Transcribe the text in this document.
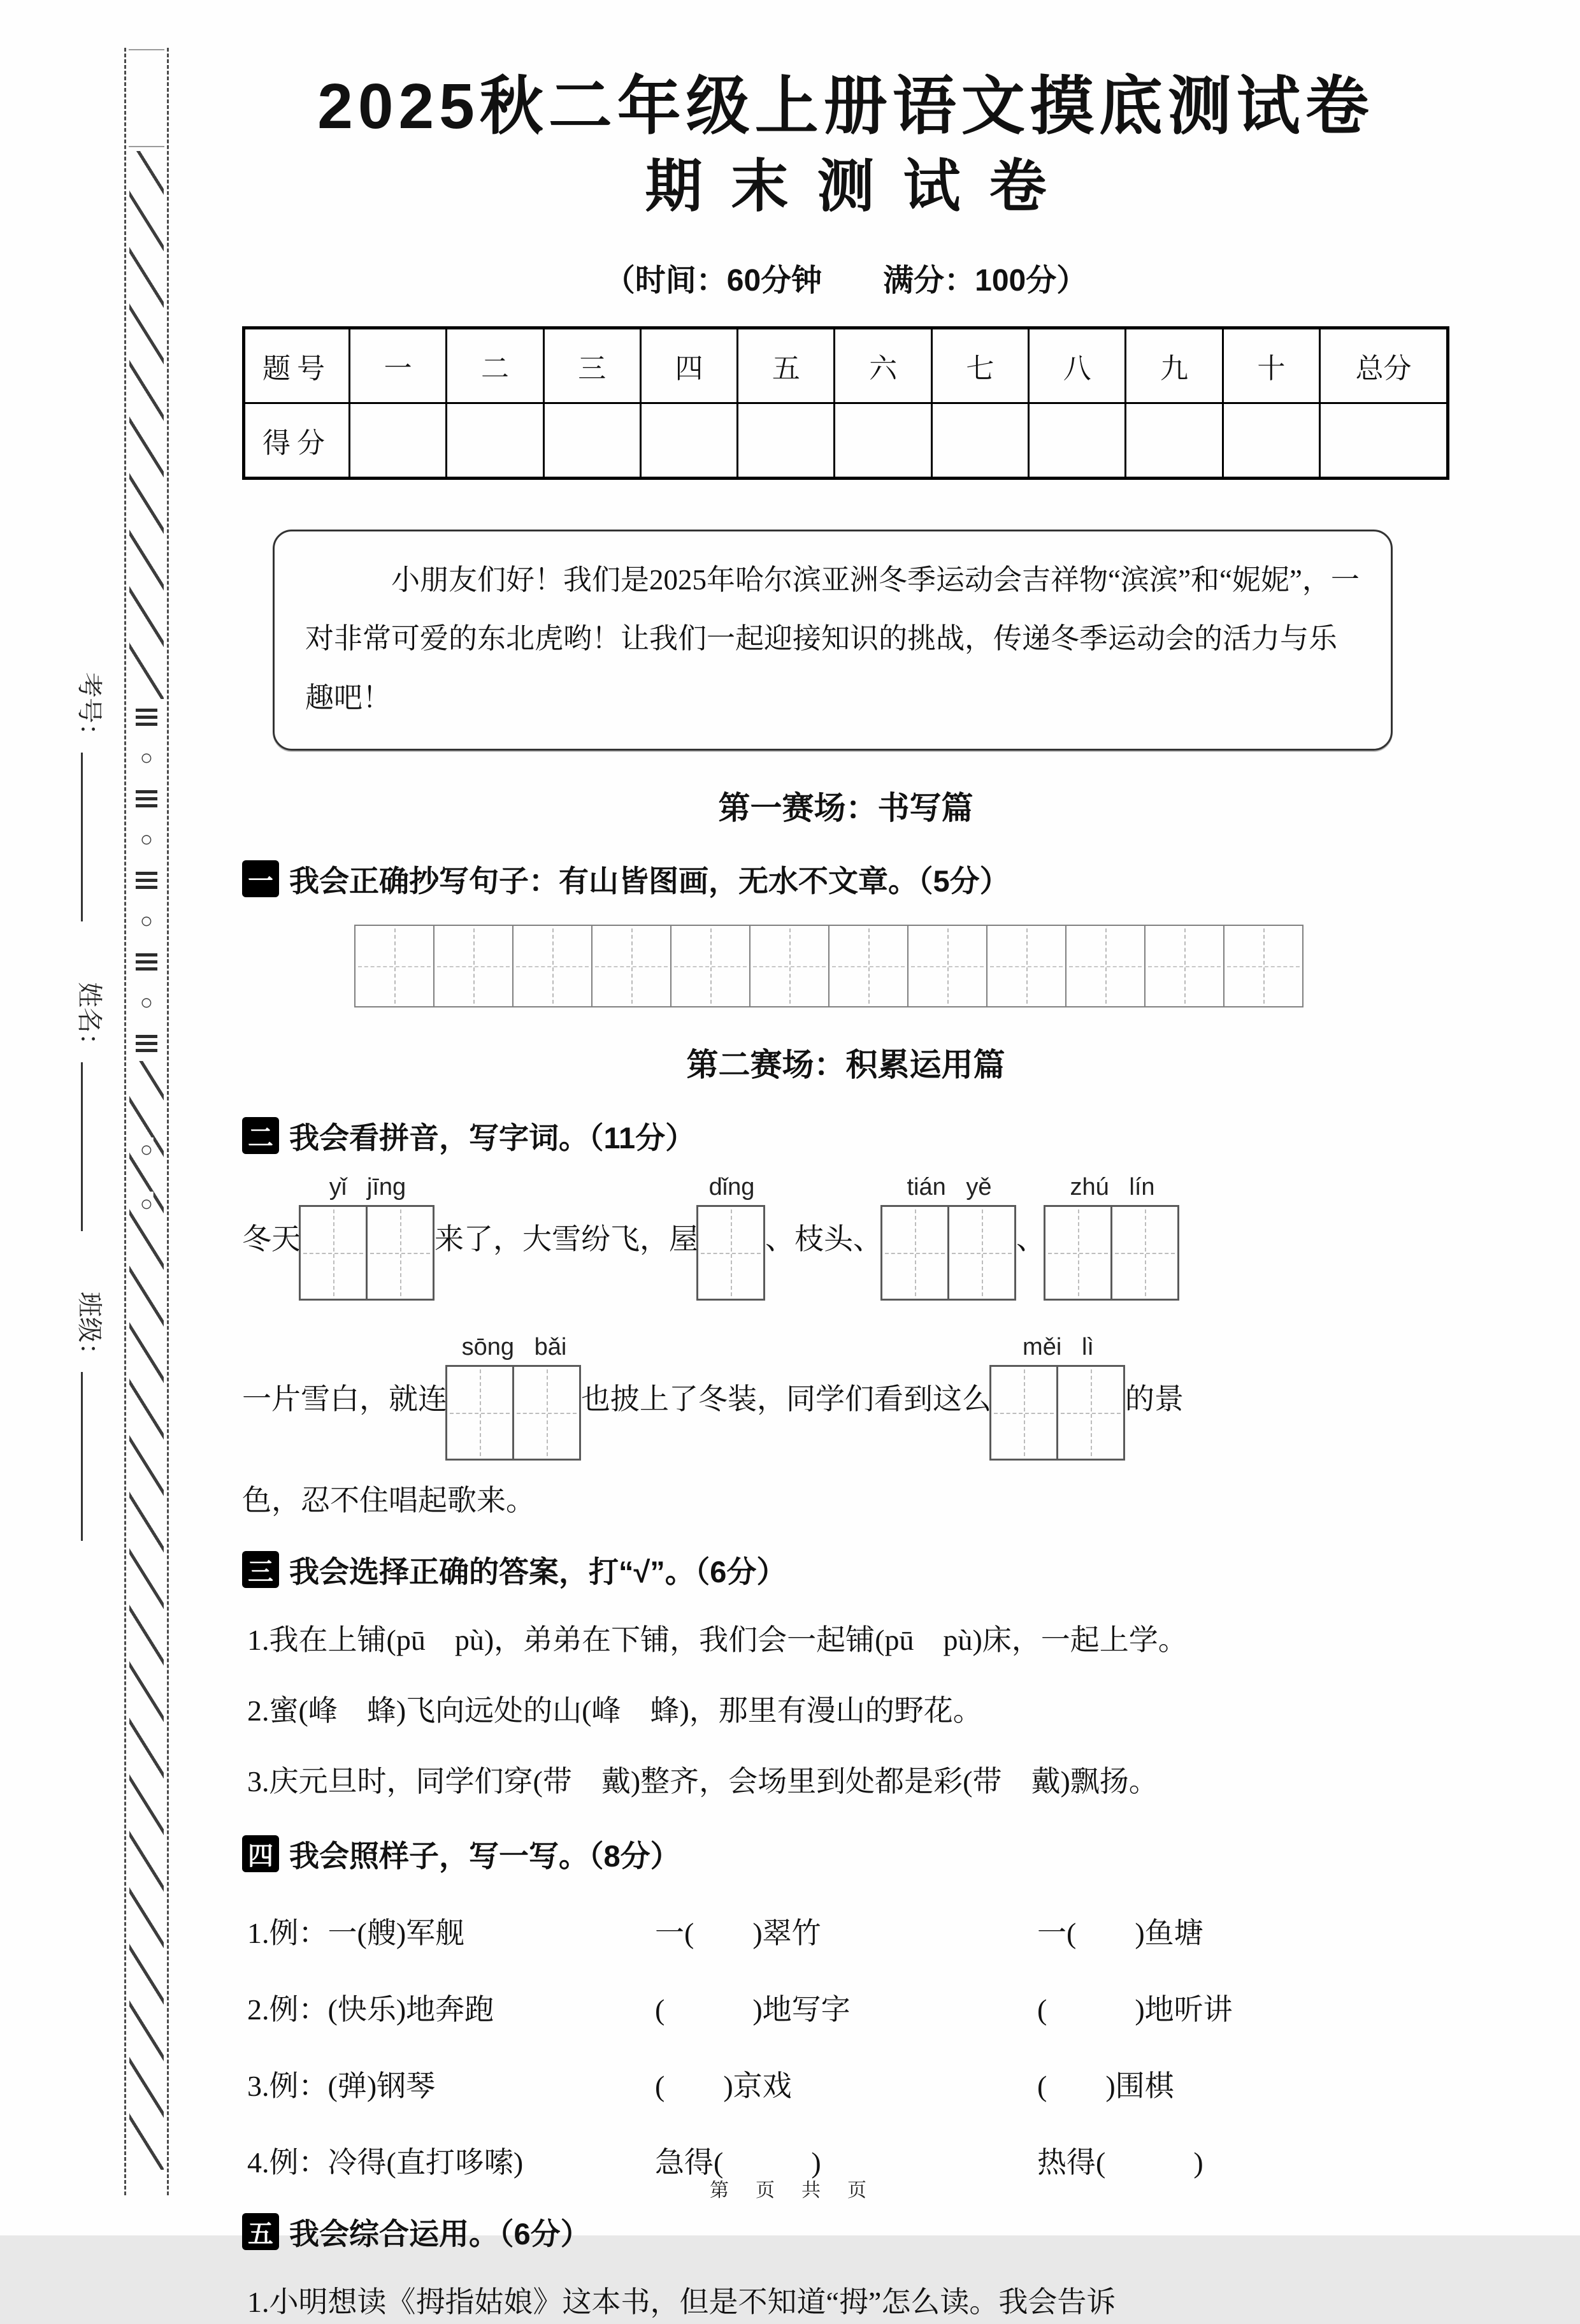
○
○
○
○
○
○
考号：姓名：班级：
2025秋二年级上册语文摸底测试卷
期末测试卷
（时间：60分钟　　满分：100分）
题号	一	二	三	四	五	六	七	八	九	十	总分
得分											
小朋友们好！我们是2025年哈尔滨亚洲冬季运动会吉祥物“滨滨”和“妮妮”，一对非常可爱的东北虎哟！让我们一起迎接知识的挑战，传递冬季运动会的活力与乐趣吧！
第一赛场：书写篇
一 我会正确抄写句子：有山皆图画，无水不文章。（5分）
第二赛场：积累运用篇
二 我会看拼音，写字词。（11分）
冬天
yǐ   jīng
来了，大雪纷飞，屋
dǐng
、枝头、
tián   yě
、
zhú   lín
一片雪白，就连
sōng   bǎi
也披上了冬装，同学们看到这么
měi   lì
的景
色，忍不住唱起歌来。
三 我会选择正确的答案，打“√”。（6分）
1.我在上铺(pū　pù)，弟弟在下铺，我们会一起铺(pū　pù)床，一起上学。
2.蜜(峰　蜂)飞向远处的山(峰　蜂)，那里有漫山的野花。
3.庆元旦时，同学们穿(带　戴)整齐，会场里到处都是彩(带　戴)飘扬。
四 我会照样子，写一写。（8分）
1.例：一(艘)军舰	一(　　)翠竹	一(　　)鱼塘
2.例：(快乐)地奔跑	(　　　)地写字	(　　　)地听讲
3.例：(弹)钢琴	(　　)京戏	(　　)围棋
4.例：冷得(直打哆嗦)	急得(　　　)	热得(　　　)
五 我会综合运用。（6分）
1.小明想读《拇指姑娘》这本书，但是不知道“拇”怎么读。我会告诉
第　页　共　页
